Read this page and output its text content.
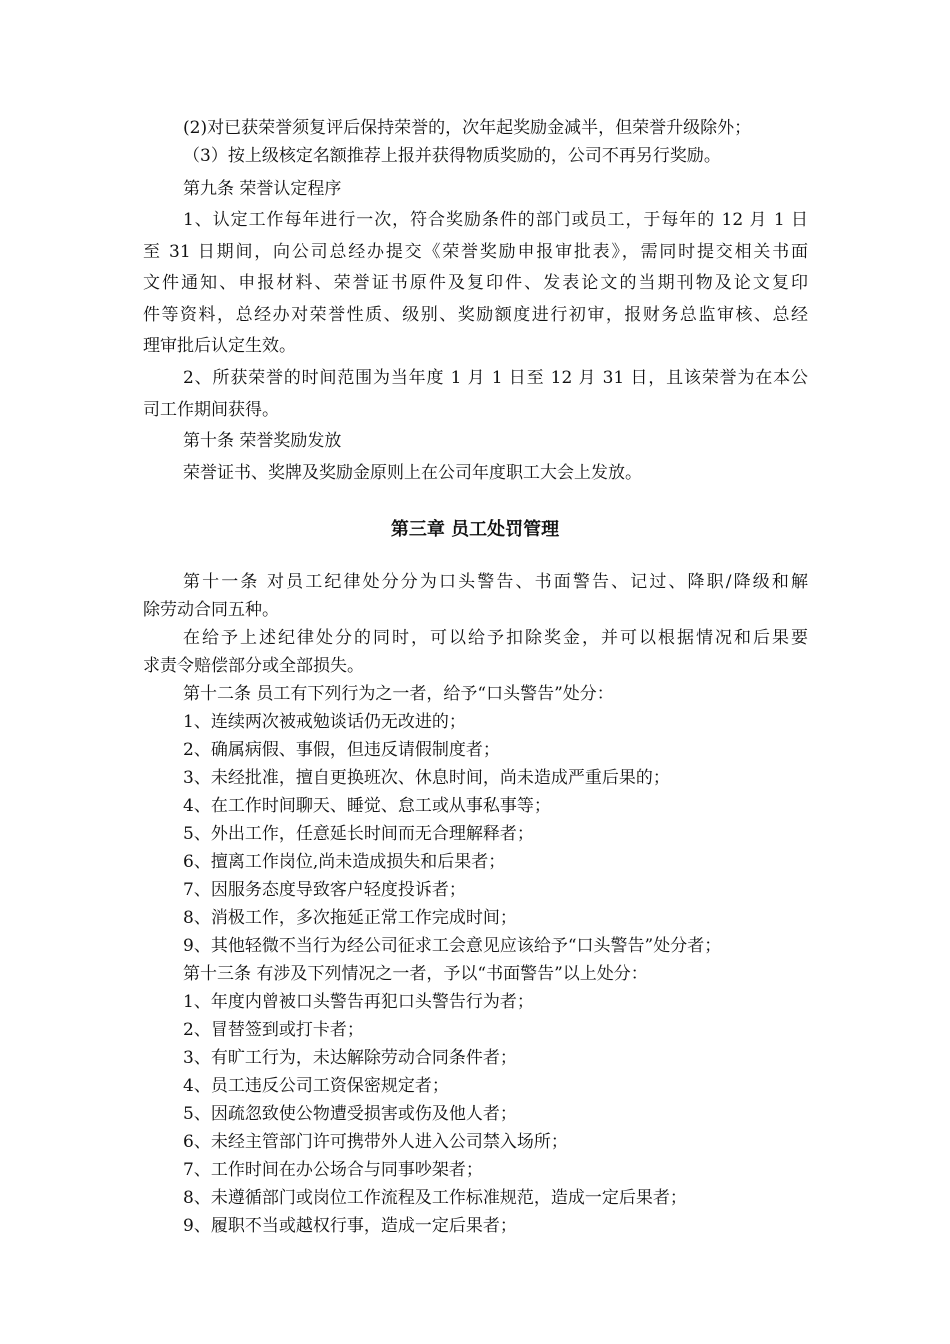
(2)对已获荣誉须复评后保持荣誉的，次年起奖励金减半，但荣誉升级除外；
（3）按上级核定名额推荐上报并获得物质奖励的，公司不再另行奖励。
第九条 荣誉认定程序
1、认定工作每年进行一次，符合奖励条件的部门或员工，于每年的 12 月 1 日
至 31 日期间，向公司总经办提交《荣誉奖励申报审批表》，需同时提交相关书面
文件通知、申报材料、荣誉证书原件及复印件、发表论文的当期刊物及论文复印
件等资料，总经办对荣誉性质、级别、奖励额度进行初审，报财务总监审核、总经
理审批后认定生效。
2、所获荣誉的时间范围为当年度 1 月 1 日至 12 月 31 日，且该荣誉为在本公
司工作期间获得。
第十条 荣誉奖励发放
荣誉证书、奖牌及奖励金原则上在公司年度职工大会上发放。
第三章 员工处罚管理
第十一条 对员工纪律处分分为口头警告、书面警告、记过、降职/降级和解
除劳动合同五种。
在给予上述纪律处分的同时，可以给予扣除奖金，并可以根据情况和后果要
求责令赔偿部分或全部损失。
第十二条 员工有下列行为之一者，给予“口头警告”处分：
1、连续两次被戒勉谈话仍无改进的；
2、确属病假、事假，但违反请假制度者；
3、未经批准，擅自更换班次、休息时间，尚未造成严重后果的；
4、在工作时间聊天、睡觉、怠工或从事私事等；
5、外出工作，任意延长时间而无合理解释者；
6、擅离工作岗位,尚未造成损失和后果者；
7、因服务态度导致客户轻度投诉者；
8、消极工作，多次拖延正常工作完成时间；
9、其他轻微不当行为经公司征求工会意见应该给予“口头警告”处分者；
第十三条 有涉及下列情况之一者，予以“书面警告”以上处分：
1、年度内曾被口头警告再犯口头警告行为者；
2、冒替签到或打卡者；
3、有旷工行为，未达解除劳动合同条件者；
4、员工违反公司工资保密规定者；
5、因疏忽致使公物遭受损害或伤及他人者；
6、未经主管部门许可携带外人进入公司禁入场所；
7、工作时间在办公场合与同事吵架者；
8、未遵循部门或岗位工作流程及工作标准规范，造成一定后果者；
9、履职不当或越权行事，造成一定后果者；
